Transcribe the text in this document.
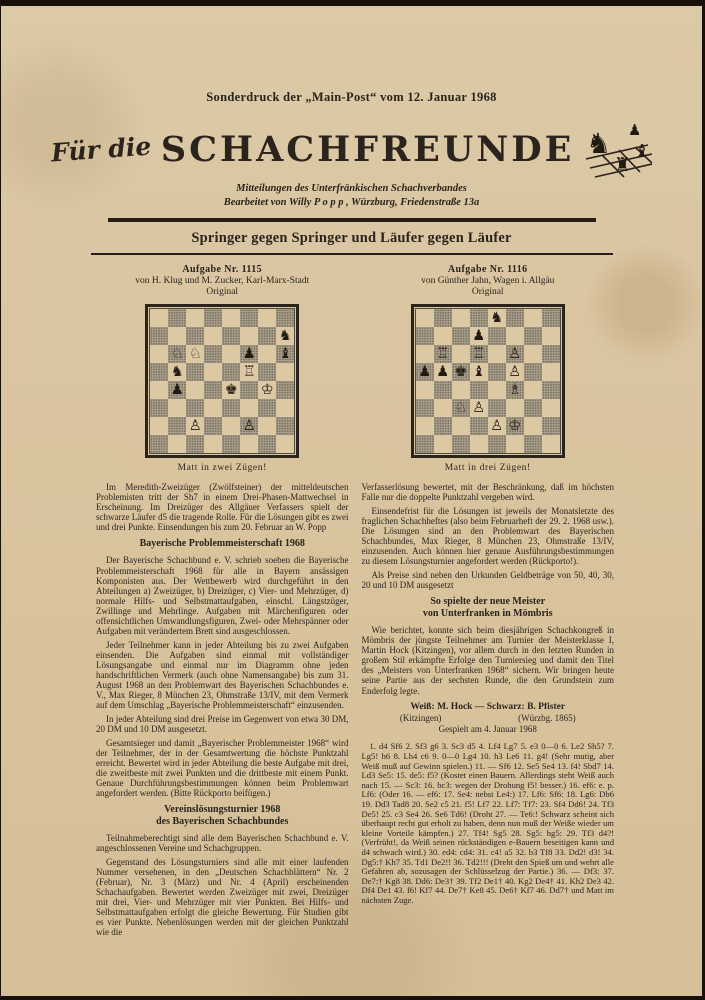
Sonderdruck der „Main-Post“ vom 12. Januar 1968
Für die SCHACHFREUNDE ♞ ♟
♝
♜
Mitteilungen des Unterfränkischen Schachverbandes
Bearbeitet von Willy P o p p , Würzburg, Friedenstraße 13a
Springer gegen Springer und Läufer gegen Läufer
Aufgabe Nr. 1115
von H. Klug und M. Zucker, Karl-Marx-Stadt
Original
♞
♘ ♘	♟ ♝
♞	♖
♟	♚ ♔
♙	♙
Matt in zwei Zügen!

Im Meredith-Zweizüger (Zwölfsteiner) der mitteldeutschen Problemisten tritt der Sh7 in einem Drei-Phasen-Mattwechsel in Erscheinung. Im Dreizüger des Allgäuer Verfassers spielt der schwarze Läufer d5 die tragende Rolle. Für die Lösungen gibt es zwei und drei Punkte. Einsendungen bis zum 20. Februar an W. Popp

Bayerische Problemmeisterschaft 1968

Der Bayerische Schachbund e. V. schrieb soeben die Bayerische Problemmeisterschaft 1968 für alle in Bayern ansässigen Komponisten aus. Der Wettbewerb wird durchgeführt in den Abteilungen a) Zweizüger, b) Dreizüger, c) Vier- und Mehrzüger, d) normale Hilfs- und Selbstmattaufgaben, einschl. Längstzüger, Zwillinge und Mehrlinge. Aufgaben mit Märchenfiguren oder offensichtlichen Umwandlungsfiguren, Zwei- oder Mehrspänner oder Aufgaben mit verändertem Brett sind ausgeschlossen.

Jeder Teilnehmer kann in jeder Abteilung bis zu zwei Aufgaben einsenden. Die Aufgaben sind einmal mit vollständiger Lösungsangabe und einmal nur im Diagramm ohne jeden handschriftlichen Vermerk (auch ohne Namensangabe) bis zum 31. August 1968 an den Problemwart des Bayerischen Schachbundes e. V., Max Rieger, 8 München 23, Ohmstraße 13/IV, mit dem Vermerk auf dem Umschlag „Bayerische Problemmeisterschaft“ einzusenden.

In jeder Abteilung sind drei Preise im Gegenwert von etwa 30 DM, 20 DM und 10 DM ausgesetzt.

Gesamtsieger und damit „Bayerischer Problemmeister 1968“ wird der Teilnehmer, der in der Gesamtwertung die höchste Punktzahl erreicht. Bewertet wird in jeder Abteilung die beste Aufgabe mit drei, die zweitbeste mit zwei Punkten und die drittbeste mit einem Punkt. Genaue Durchführungsbestimmungen können beim Problemwart angefordert werden. (Bitte Rückporto beifügen.)

Vereinslösungsturnier 1968
des Bayerischen Schachbundes

Teilnahmeberechtigt sind alle dem Bayerischen Schachbund e. V. angeschlossenen Vereine und Schachgruppen.

Gegenstand des Lösungsturniers sind alle mit einer laufenden Nummer versehenen, in den „Deutschen Schachblättern“ Nr. 2 (Februar), Nr. 3 (März) und Nr. 4 (April) erscheinenden Schachaufgaben. Bewertet werden Zweizüger mit zwei, Dreizüger mit drei, Vier- und Mehrzüger mit vier Punkten. Bei Hilfs- und Selbstmattaufgaben erfolgt die gleiche Bewertung. Für Studien gibt es vier Punkte. Nebenlösungen werden mit der gleichen Punktzahl wie die

Aufgabe Nr. 1116
von Günther Jahn, Wagen i. Allgäu
Original
♞
♟
♖ ♖ ♙
♟ ♟ ♚ ♝ ♙
♗
♘ ♙
♙ ♔
Matt in drei Zügen!

Verfasserlösung bewertet, mit der Beschränkung, daß im höchsten Falle nur die doppelte Punktzahl vergeben wird.

Einsendefrist für die Lösungen ist jeweils der Monatsletzte des fraglichen Schachheftes (also beim Februarheft der 29. 2. 1968 usw.). Die Lösungen sind an den Problemwart des Bayerischen Schachbundes, Max Rieger, 8 München 23, Ohmstraße 13/IV, einzusenden. Auch können hier genaue Ausführungsbestimmungen zu diesem Lösungsturnier angefordert werden (Rückporto!).

Als Preise sind neben den Urkunden Geldbeträge von 50, 40, 30, 20 und 10 DM ausgesetzt

So spielte der neue Meister
von Unterfranken in Mömbris

Wie berichtet, konnte sich beim diesjährigen Schachkongreß in Mömbris der jüngste Teilnehmer am Turnier der Meisterklasse I, Martin Hock (Kitzingen), vor allem durch in den letzten Runden in großem Stil erkämpfte Erfolge den Turniersieg und damit den Titel des „Meisters von Unterfranken 1968“ sichern. Wir bringen heute seine Partie aus der sechsten Runde, die den Grundstein zum Enderfolg legte.

Weiß: M. Hock — Schwarz: B. Pfister
(Kitzingen)	(Würzbg. 1865)
Gespielt am 4. Januar 1968

1. d4 Sf6 2. Sf3 g6 3. Sc3 d5 4. Lf4 Lg7 5. e3 0—0 6. Le2 Sh5? 7. Lg5! h6 8. Lh4 c6 9. 0—0 Lg4 10. h3 Le6 11. g4! (Sehr mutig, aber Weiß muß auf Gewinn spielen.) 11. — Sf6 12. Se5 Se4 13. f4! Sbd7 14. Ld3 Se5: 15. de5: f5? (Kostet einen Bauern. Allerdings steht Weiß auch nach 15. — Sc3: 16. bc3: wegen der Drohung f5! besser.) 16. ef6: e. p. Lf6: (Oder 16. — ef6: 17. Se4: nebst Le4:) 17. Lf6: Sf6: 18. Lg6: Db6 19. Dd3 Tad8 20. Se2 c5 21. f5! Lf7 22. Lf7: Tf7: 23. Sf4 Dd6! 24. Tf3 De5! 25. c3 Se4 26. Se6 Td6! (Droht 27. — Te6:! Schwarz scheint sich überhaupt recht gut erholt zu haben, denn nun muß der Weiße wieder um kleine Vorteile kämpfen.) 27. Tf4! Sg5 28. Sg5: hg5: 29. Tf3 d4?! (Verfrüht!, da Weiß seinen rückständigen e-Bauern beseitigen kann und d4 schwach wird.) 30. ed4: cd4: 31. c4! a5 32. b3 Tf8 33. Dd2! d3! 34. Dg5:† Kh7 35. Td1 De2!! 36. Td2!!! (Dreht den Spieß um und wehrt alle Gefahren ab, sozusagen der Schlüsselzug der Partie.) 36. — Df3: 37. De7:† Kg8 38. Dd6: De3† 39. Tf2 De1† 40. Kg2 De4† 41. Kh2 De3 42. Df4 De1 43. f6! Kf7 44. De7† Ke8 45. De6† Kf7 46. Dd7† und Matt im nächsten Zuge.
